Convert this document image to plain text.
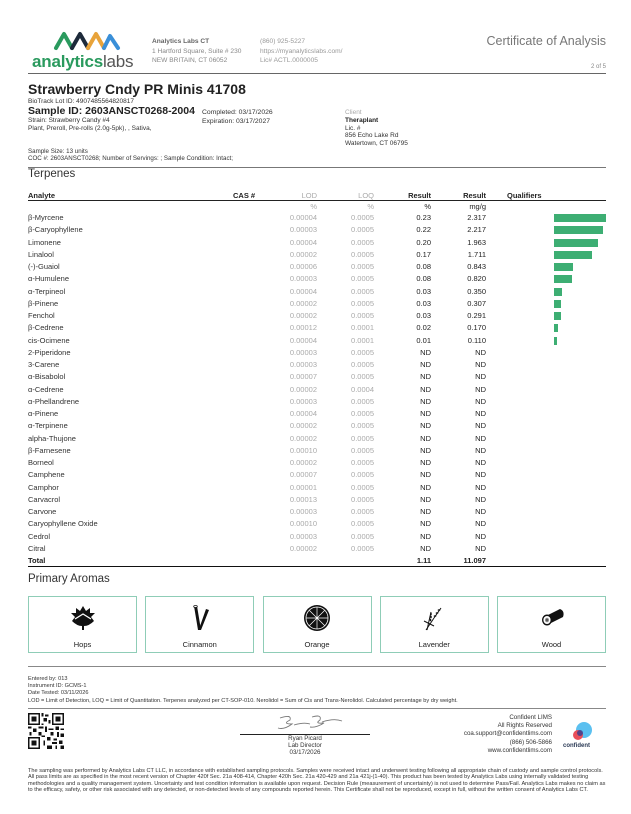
analyticslabs
Analytics Labs CT
1 Hartford Square, Suite # 230
NEW BRITAIN, CT 06052
(860) 925-5227
https://myanalyticslabs.com/
Lic# ACTL.0000005
Certificate of Analysis
2 of 5
Strawberry Cndy PR Minis 41708
BioTrack Lot ID: 4907485564820817
Sample ID: 2603ANSCT0268-2004
Strain: Strawberry Candy #4
Plant, Preroll, Pre-rolls (2.0g-5pk), , Sativa,
Completed: 03/17/2026
Expiration: 03/17/2027
Client
Theraplant
Lic. #
856 Echo Lake Rd
Watertown, CT 06795
Sample Size: 13 units
COC #: 2603ANSCT0268; Number of Servings: ; Sample Condition: Intact;
Terpenes
Analyte	CAS #	LOD	LOQ	Result	Result	Qualifiers
%	%	%	mg/g
β-Myrcene	0.00004	0.0005	0.23	2.317
β-Caryophyllene	0.00003	0.0005	0.22	2.217
Limonene	0.00004	0.0005	0.20	1.963
Linalool	0.00002	0.0005	0.17	1.711
(-)-Guaiol	0.00006	0.0005	0.08	0.843
α-Humulene	0.00003	0.0005	0.08	0.820
α-Terpineol	0.00004	0.0005	0.03	0.350
β-Pinene	0.00002	0.0005	0.03	0.307
Fenchol	0.00002	0.0005	0.03	0.291
β-Cedrene	0.00012	0.0001	0.02	0.170
cis-Ocimene	0.00004	0.0001	0.01	0.110
2-Piperidone	0.00003	0.0005	ND	ND
3-Carene	0.00003	0.0005	ND	ND
α-Bisabolol	0.00007	0.0005	ND	ND
α-Cedrene	0.00002	0.0004	ND	ND
α-Phellandrene	0.00003	0.0005	ND	ND
α-Pinene	0.00004	0.0005	ND	ND
α-Terpinene	0.00002	0.0005	ND	ND
alpha-Thujone	0.00002	0.0005	ND	ND
β-Farnesene	0.00010	0.0005	ND	ND
Borneol	0.00002	0.0005	ND	ND
Camphene	0.00007	0.0005	ND	ND
Camphor	0.00001	0.0005	ND	ND
Carvacrol	0.00013	0.0005	ND	ND
Carvone	0.00003	0.0005	ND	ND
Caryophyllene Oxide	0.00010	0.0005	ND	ND
Cedrol	0.00003	0.0005	ND	ND
Citral	0.00002	0.0005	ND	ND
Total	1.11	11.097
Primary Aromas
Hops	Cinnamon	Orange	Lavender	Wood
Entered by: 013
Instrument ID: GCMS-1
Date Tested: 03/11/2026
LOD = Limit of Detection, LOQ = Limit of Quantitation. Terpenes analyzed per CT-SOP-010. Nerolidol = Sum of Cis and Trans-Nerolidol. Calculated percentage by dry weight.
Ryan Picard
Lab Director
03/17/2026
Confident LIMS
All Rights Reserved
coa.support@confidentlims.com
(866) 506-5866
www.confidentlims.com
confident
The sampling was performed by Analytics Labs CT LLC, in accordance with established sampling protocols. Samples were received intact and underwent testing following all appropriate chain of custody and sample control protocols. All pass limits are as specified in the most recent version of Chapter 420f Sec. 21a 408-414, Chapter 420h Sec. 21a 420-429 and 21a 421j-(1-40). This product has been tested by Analytics Labs using internally validated testing methodologies and a quality management system. Uncertainty and test condition information is available upon request. Decision Rule (measurement of uncertainty) is not used to determine Pass/Fail. Analytics Labs makes no claim as to the efficacy, safety, or other risk associated with any detected, or non-detected levels of any compounds reported herein. This Certificate shall not be reproduced, except in full, without the written consent of Analytics Labs CT.
